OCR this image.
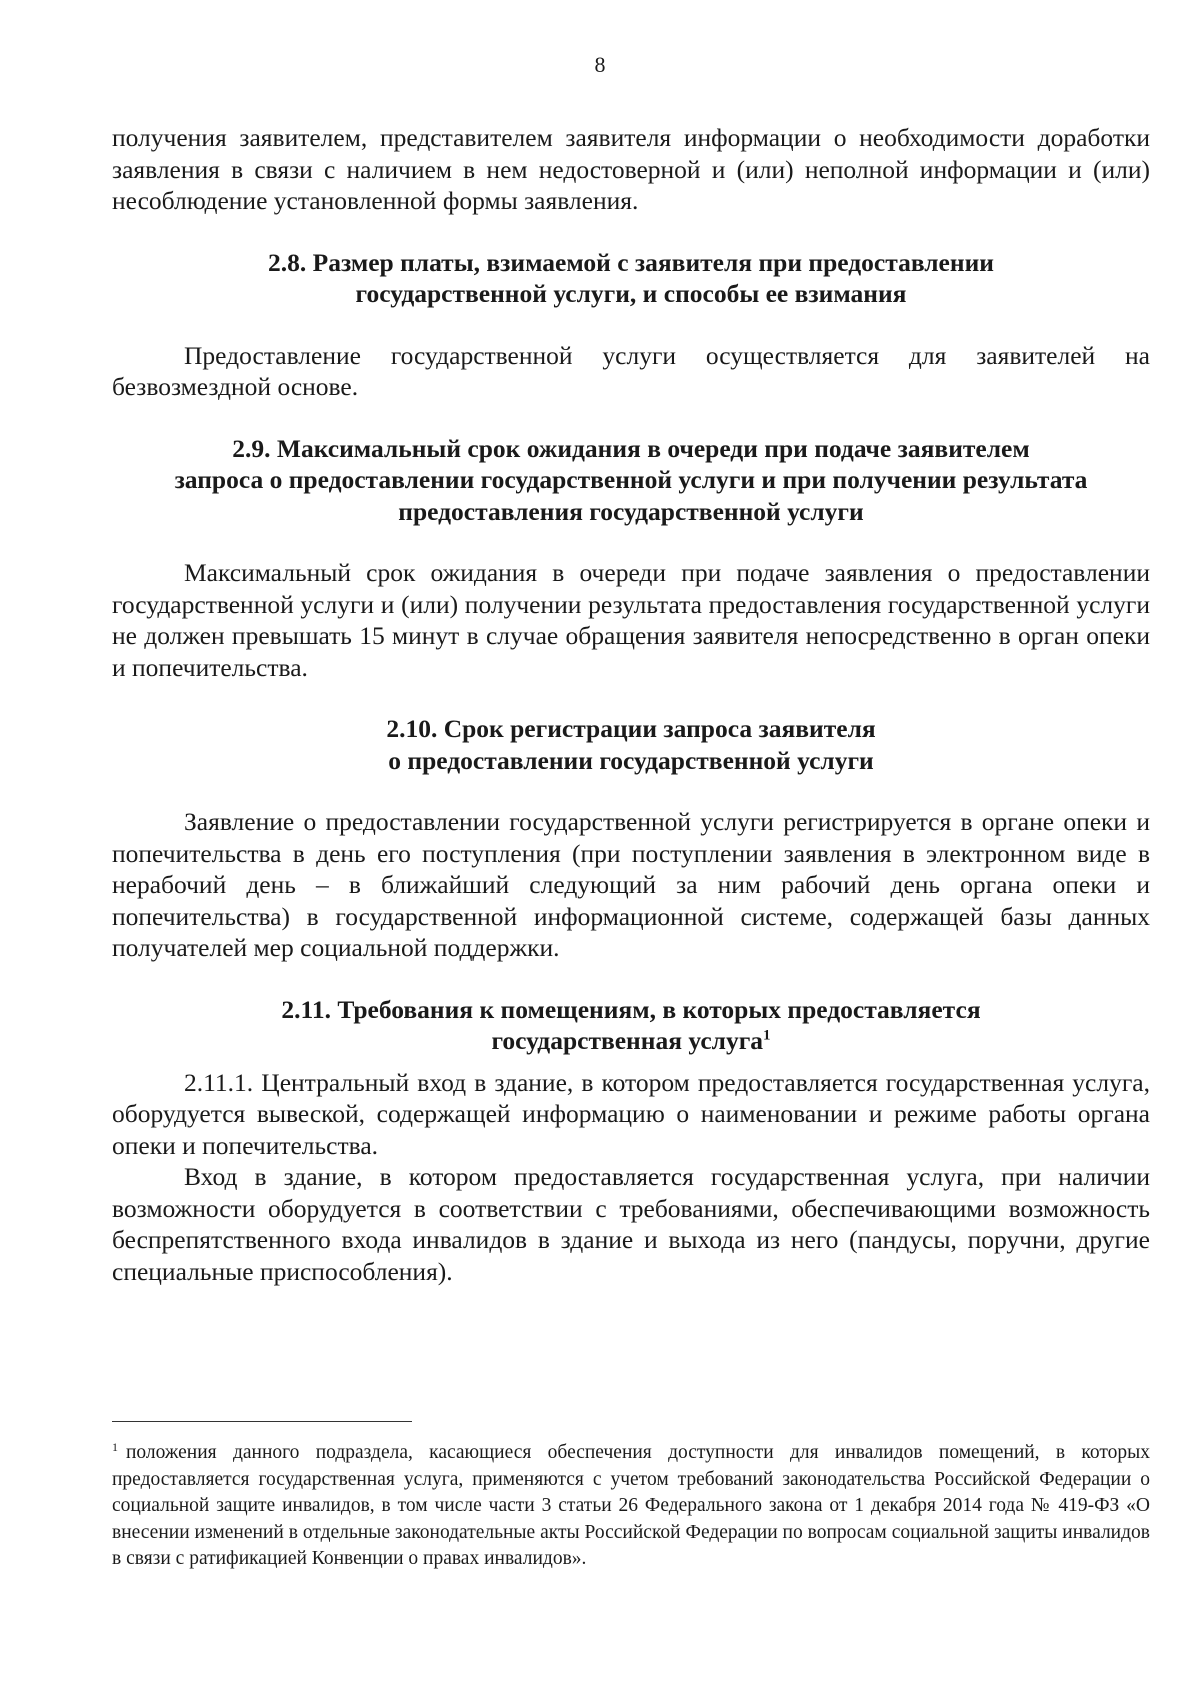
8

получения заявителем, представителем заявителя информации о необходимости доработки заявления в связи с наличием в нем недостоверной и (или) неполной информации и (или) несоблюдение установленной формы заявления.

2.8. Размер платы, взимаемой с заявителя при предоставлении

государственной услуги, и способы ее взимания

Предоставление государственной услуги осуществляется для заявителей на безвозмездной основе.

2.9. Максимальный срок ожидания в очереди при подаче заявителем

запроса о предоставлении государственной услуги и при получении результата

предоставления государственной услуги

Максимальный срок ожидания в очереди при подаче заявления о предоставлении государственной услуги и (или) получении результата предоставления государственной услуги не должен превышать 15 минут в случае обращения заявителя непосредственно в орган опеки и попечительства.

2.10. Срок регистрации запроса заявителя

о предоставлении государственной услуги

Заявление о предоставлении государственной услуги регистрируется в органе опеки и попечительства в день его поступления (при поступлении заявления в электронном виде в нерабочий день – в ближайший следующий за ним рабочий день органа опеки и попечительства) в государственной информационной системе, содержащей базы данных получателей мер социальной поддержки.

2.11. Требования к помещениям, в которых предоставляется

государственная услуга$^1$

2.11.1. Центральный вход в здание, в котором предоставляется государственная услуга, оборудуется вывеской, содержащей информацию о наименовании и режиме работы органа опеки и попечительства.

Вход в здание, в котором предоставляется государственная услуга, при наличии возможности оборудуется в соответствии с требованиями, обеспечивающими возможность беспрепятственного входа инвалидов в здание и выхода из него (пандусы, поручни, другие специальные приспособления).

$^1$ положения данного подраздела, касающиеся обеспечения доступности для инвалидов помещений, в которых предоставляется государственная услуга, применяются с учетом требований законодательства Российской Федерации о социальной защите инвалидов, в том числе части 3 статьи 26 Федерального закона от 1 декабря 2014 года № 419-ФЗ «О внесении изменений в отдельные законодательные акты Российской Федерации по вопросам социальной защиты инвалидов в связи с ратификацией Конвенции о правах инвалидов».
